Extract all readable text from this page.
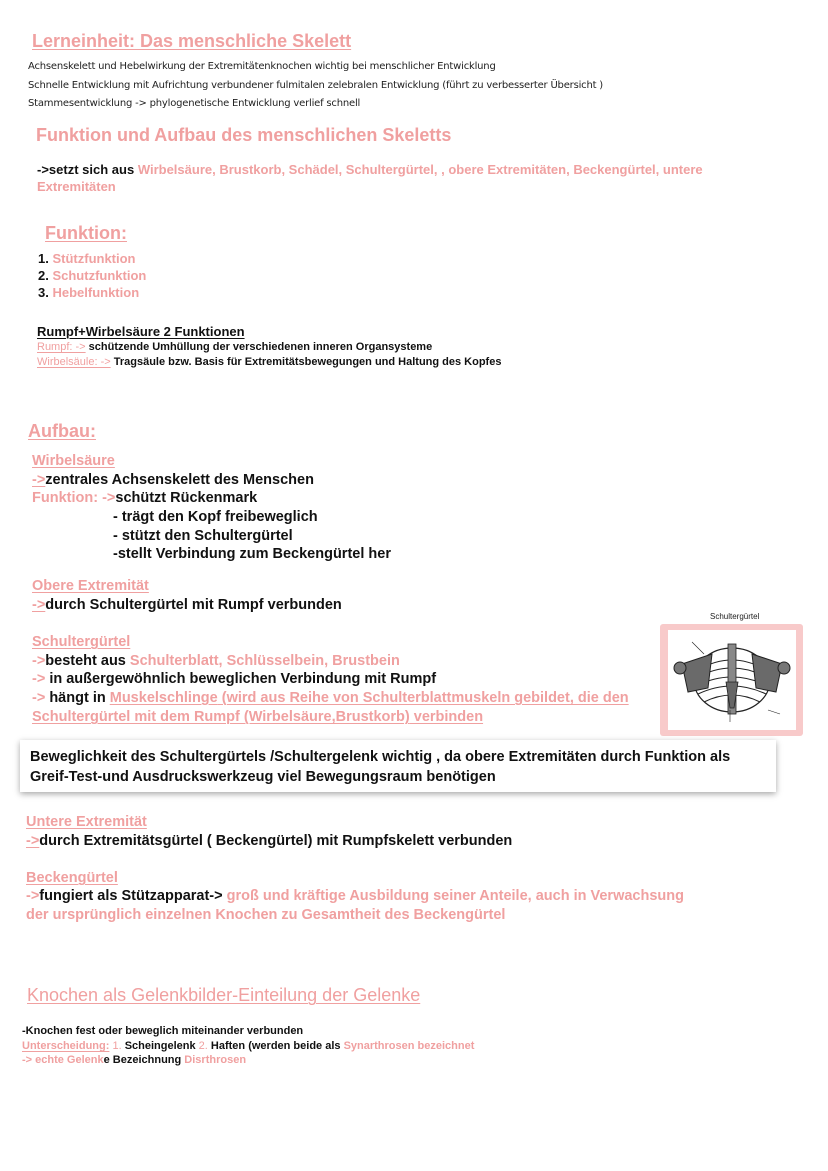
Lerneinheit: Das menschliche Skelett
Achsenskelett und Hebelwirkung der Extremitätenknochen wichtig bei menschlicher Entwicklung
Schnelle Entwicklung mit Aufrichtung verbundener fulmitalen zelebralen Entwicklung (führt zu verbesserter Übersicht )
Stammesentwicklung -> phylogenetische Entwicklung verlief schnell
Funktion und Aufbau des menschlichen Skeletts
->setzt sich aus Wirbelsäure, Brustkorb, Schädel, Schultergürtel, , obere Extremitäten, Beckengürtel, untere
Extremitäten
Funktion:
1. Stützfunktion
2. Schutzfunktion
3. Hebelfunktion
Rumpf+Wirbelsäure 2 Funktionen
Rumpf: -> schützende Umhüllung der verschiedenen inneren Organsysteme
Wirbelsäule: -> Tragsäule bzw. Basis für Extremitätsbewegungen und Haltung des Kopfes
Aufbau:
Wirbelsäure
->zentrales Achsenskelett des Menschen
Funktion: ->schützt Rückenmark
- trägt den Kopf freibeweglich
- stützt den Schultergürtel
-stellt Verbindung zum Beckengürtel her
Obere Extremität
->durch Schultergürtel mit Rumpf verbunden
Schultergürtel
->besteht aus Schulterblatt, Schlüsselbein, Brustbein
-> in außergewöhnlich beweglichen Verbindung mit Rumpf
-> hängt in Muskelschlinge (wird aus Reihe von Schulterblattmuskeln gebildet, die den
Schultergürtel mit dem Rumpf (Wirbelsäure,Brustkorb) verbinden
Schultergürtel
Beweglichkeit des Schultergürtels /Schultergelenk wichtig , da obere Extremitäten durch Funktion als
Greif-Test-und Ausdruckswerkzeug viel Bewegungsraum benötigen
Untere Extremität
->durch Extremitätsgürtel ( Beckengürtel) mit Rumpfskelett verbunden
Beckengürtel
->fungiert als Stützapparat-> groß und kräftige Ausbildung seiner Anteile, auch in Verwachsung
der ursprünglich einzelnen Knochen zu Gesamtheit des Beckengürtel
Knochen als Gelenkbilder-Einteilung der Gelenke
-Knochen fest oder beweglich miteinander verbunden
Unterscheidung: 1. Scheingelenk 2. Haften (werden beide als Synarthrosen bezeichnet
-> echte Gelenke Bezeichnung Disrthrosen
